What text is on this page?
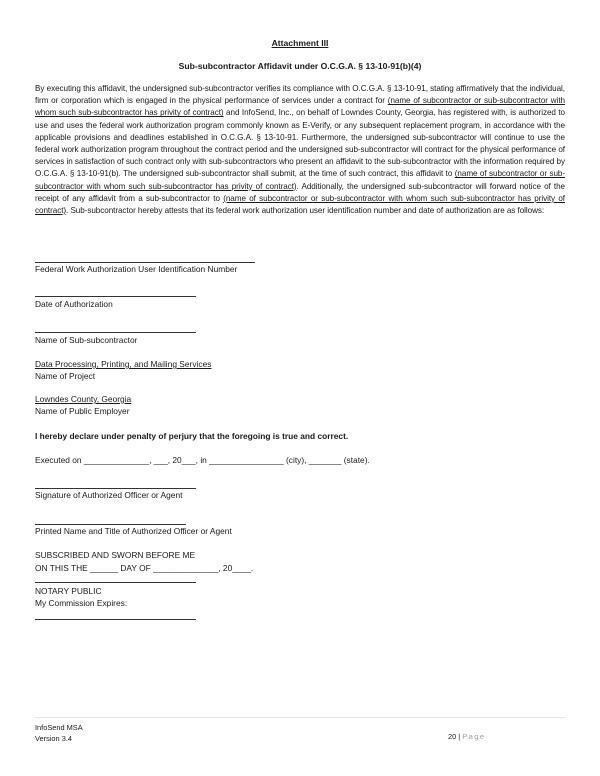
Attachment III
Sub-subcontractor Affidavit under O.C.G.A. § 13-10-91(b)(4)
By executing this affidavit, the undersigned sub-subcontractor verifies its compliance with O.C.G.A. § 13-10-91, stating affirmatively that the individual, firm or corporation which is engaged in the physical performance of services under a contract for (name of subcontractor or sub-subcontractor with whom such sub-subcontractor has privity of contract) and InfoSend, Inc., on behalf of Lowndes County, Georgia, has registered with, is authorized to use and uses the federal work authorization program commonly known as E-Verify, or any subsequent replacement program, in accordance with the applicable provisions and deadlines established in O.C.G.A. § 13-10-91. Furthermore, the undersigned sub-subcontractor will continue to use the federal work authorization program throughout the contract period and the undersigned sub-subcontractor will contract for the physical performance of services in satisfaction of such contract only with sub-subcontractors who present an affidavit to the sub-subcontractor with the information required by O.C.G.A. § 13-10-91(b). The undersigned sub-subcontractor shall submit, at the time of such contract, this affidavit to (name of subcontractor or sub-subcontractor with whom such sub-subcontractor has privity of contract). Additionally, the undersigned sub-subcontractor will forward notice of the receipt of any affidavit from a sub-subcontractor to (name of subcontractor or sub-subcontractor with whom such sub-subcontractor has privity of contract). Sub-subcontractor hereby attests that its federal work authorization user identification number and date of authorization are as follows:
Federal Work Authorization User Identification Number
Date of Authorization
Name of Sub-subcontractor
Data Processing, Printing, and Mailing Services
Name of Project
Lowndes County, Georgia
Name of Public Employer
I hereby declare under penalty of perjury that the foregoing is true and correct.
Executed on ______________, ___, 20___, in ________________ (city), _______ (state).
Signature of Authorized Officer or Agent
Printed Name and Title of Authorized Officer or Agent
SUBSCRIBED AND SWORN BEFORE ME
ON THIS THE ______ DAY OF ______________, 20____.
NOTARY PUBLIC
My Commission Expires:
InfoSend MSA
Version 3.4	20 | Page
